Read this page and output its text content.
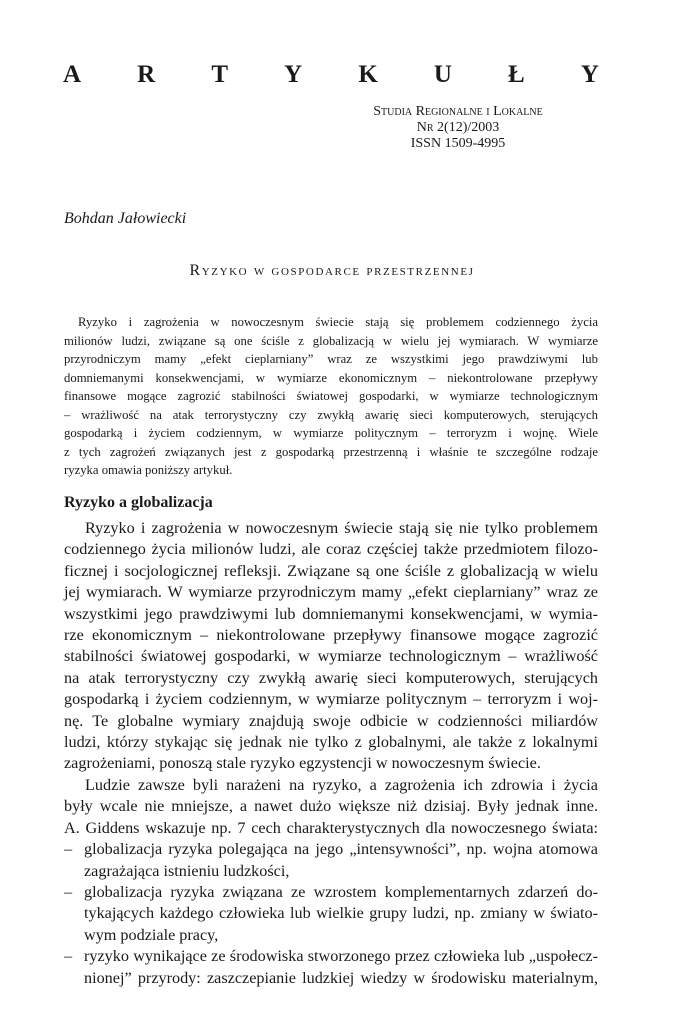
A R T Y K U Ł Y
Studia Regionalne i Lokalne
Nr 2(12)/2003
ISSN 1509-4995
Bohdan Jałowiecki
Ryzyko w gospodarce przestrzennej
Ryzyko i zagrożenia w nowoczesnym świecie stają się problemem codziennego życia
milionów ludzi, związane są one ściśle z globalizacją w wielu jej wymiarach. W wymiarze
przyrodniczym mamy „efekt cieplarniany” wraz ze wszystkimi jego prawdziwymi lub
domniemanymi konsekwencjami, w wymiarze ekonomicznym – niekontrolowane przepływy
finansowe mogące zagrozić stabilności światowej gospodarki, w wymiarze technologicznym
– wrażliwość na atak terrorystyczny czy zwykłą awarię sieci komputerowych, sterujących
gospodarką i życiem codziennym, w wymiarze politycznym – terroryzm i wojnę. Wiele
z tych zagrożeń związanych jest z gospodarką przestrzenną i właśnie te szczególne rodzaje
ryzyka omawia poniższy artykuł.
Ryzyko a globalizacja
Ryzyko i zagrożenia w nowoczesnym świecie stają się nie tylko problemem
codziennego życia milionów ludzi, ale coraz częściej także przedmiotem filozo-
ficznej i socjologicznej refleksji. Związane są one ściśle z globalizacją w wielu
jej wymiarach. W wymiarze przyrodniczym mamy „efekt cieplarniany” wraz ze
wszystkimi jego prawdziwymi lub domniemanymi konsekwencjami, w wymia-
rze ekonomicznym – niekontrolowane przepływy finansowe mogące zagrozić
stabilności światowej gospodarki, w wymiarze technologicznym – wrażliwość
na atak terrorystyczny czy zwykłą awarię sieci komputerowych, sterujących
gospodarką i życiem codziennym, w wymiarze politycznym – terroryzm i woj-
nę. Te globalne wymiary znajdują swoje odbicie w codzienności miliardów
ludzi, którzy stykając się jednak nie tylko z globalnymi, ale także z lokalnymi
zagrożeniami, ponoszą stale ryzyko egzystencji w nowoczesnym świecie.
Ludzie zawsze byli narażeni na ryzyko, a zagrożenia ich zdrowia i życia
były wcale nie mniejsze, a nawet dużo większe niż dzisiaj. Były jednak inne.
A. Giddens wskazuje np. 7 cech charakterystycznych dla nowoczesnego świata:
– globalizacja ryzyka polegająca na jego „intensywności”, np. wojna atomowa
zagrażająca istnieniu ludzkości,
– globalizacja ryzyka związana ze wzrostem komplementarnych zdarzeń do-
tykających każdego człowieka lub wielkie grupy ludzi, np. zmiany w świato-
wym podziale pracy,
– ryzyko wynikające ze środowiska stworzonego przez człowieka lub „uspołecz-
nionej” przyrody: zaszczepianie ludzkiej wiedzy w środowisku materialnym,
